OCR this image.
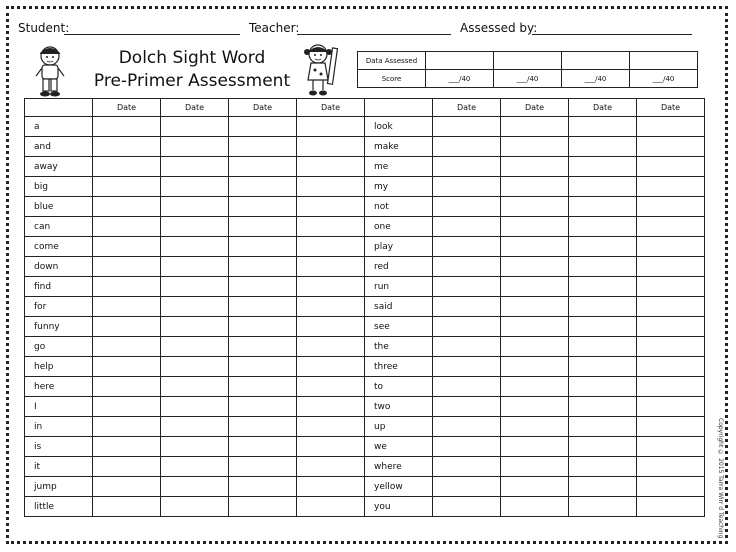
Student:	Teacher:	Assessed by:
Dolch Sight Word
Pre-Primer Assessment
Data Assessed				
Score	___/40	___/40	___/40	___/40
	Date	Date	Date	Date		Date	Date	Date	Date
a					look				
and					make				
away					me				
big					my				
blue					not				
can					one				
come					play				
down					red				
find					run				
for					said				
funny					see				
go					the				
help					three				
here					to				
I					two				
in					up				
is					we				
it					where				
jump					yellow				
little					you					Copyright © 2015 Tarra Wirr d Teaching
